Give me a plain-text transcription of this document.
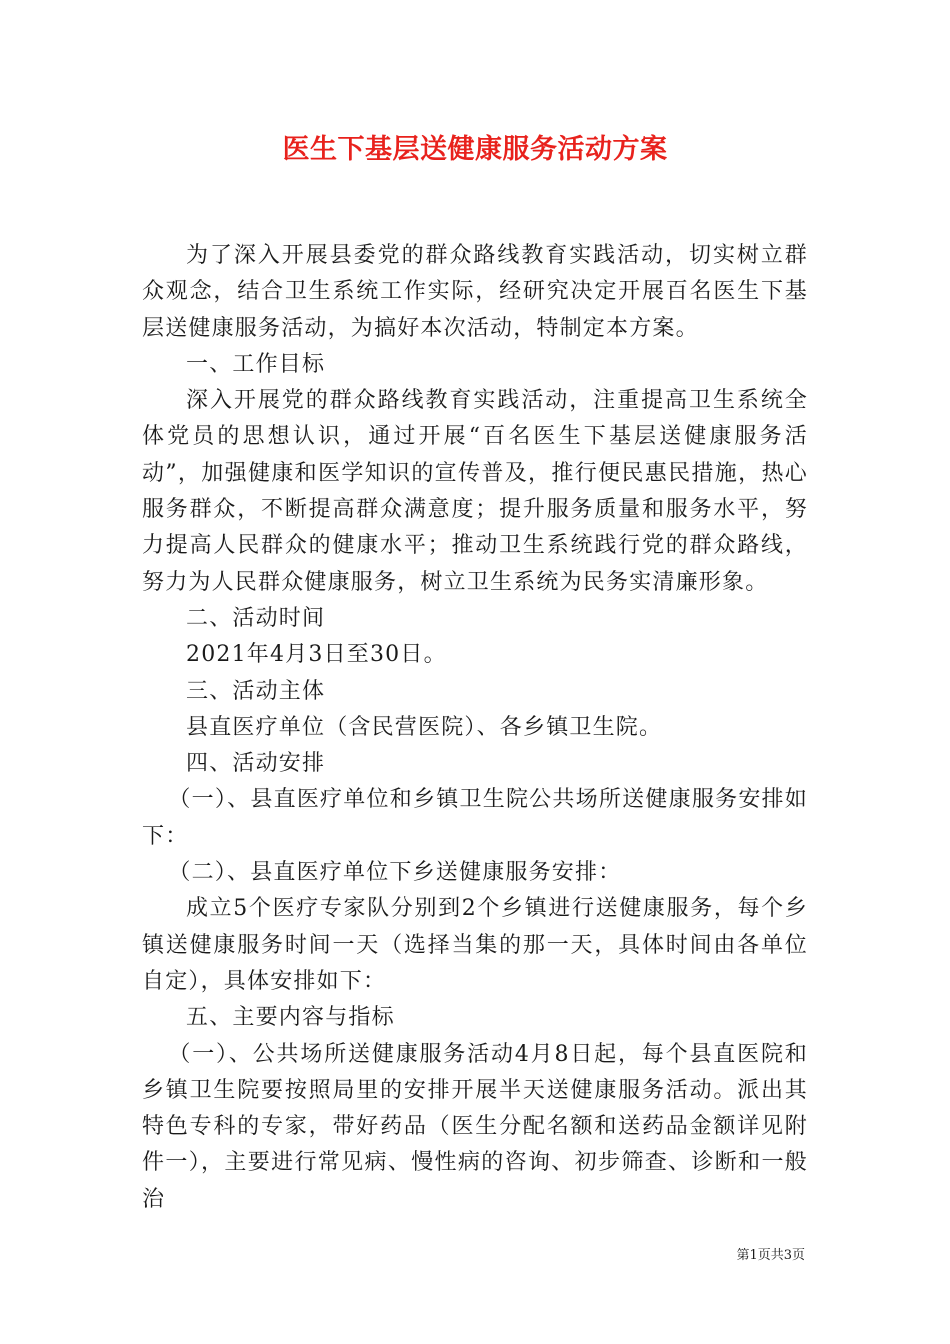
医生下基层送健康服务活动方案

为了深入开展县委党的群众路线教育实践活动，切实树立群众观念，结合卫生系统工作实际，经研究决定开展百名医生下基层送健康服务活动，为搞好本次活动，特制定本方案。

一、工作目标

深入开展党的群众路线教育实践活动，注重提高卫生系统全体党员的思想认识，通过开展“百名医生下基层送健康服务活动”，加强健康和医学知识的宣传普及，推行便民惠民措施，热心服务群众，不断提高群众满意度；提升服务质量和服务水平，努力提高人民群众的健康水平；推动卫生系统践行党的群众路线，努力为人民群众健康服务，树立卫生系统为民务实清廉形象。

二、活动时间

2021年4月3日至30日。

三、活动主体

县直医疗单位（含民营医院）、各乡镇卫生院。

四、活动安排

（一）、县直医疗单位和乡镇卫生院公共场所送健康服务安排如下：

（二）、县直医疗单位下乡送健康服务安排：

成立5个医疗专家队分别到2个乡镇进行送健康服务，每个乡镇送健康服务时间一天（选择当集的那一天，具体时间由各单位自定），具体安排如下：

五、主要内容与指标

（一）、公共场所送健康服务活动4月8日起，每个县直医院和乡镇卫生院要按照局里的安排开展半天送健康服务活动。派出其特色专科的专家，带好药品（医生分配名额和送药品金额详见附件一），主要进行常见病、慢性病的咨询、初步筛查、诊断和一般治

第1页共3页
